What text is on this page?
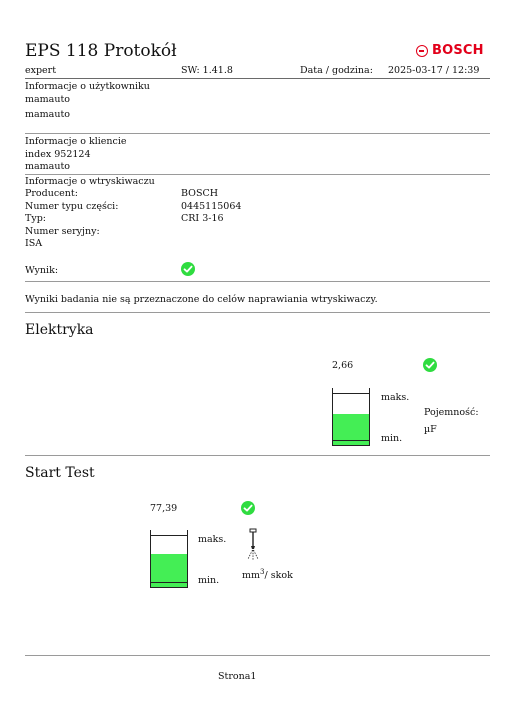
EPS 118 Protokół	BOSCH
expert	SW: 1.41.8	Data / godzina: 2025-03-17 / 12:39
Informacje o użytkowniku
mamauto
mamauto
Informacje o kliencie
index 952124
mamauto
Informacje o wtryskiwaczu
Producent:	BOSCH
Numer typu części:	0445115064
Typ:	CRI 3-16
Numer seryjny:
ISA
Wynik:
Wyniki badania nie są przeznaczone do celów naprawiania wtryskiwaczy.
Elektryka
2,66
maks.
min.
Pojemność:
µF
Start Test
77,39
maks.
min. $mm^3/$ skok
Strona1
